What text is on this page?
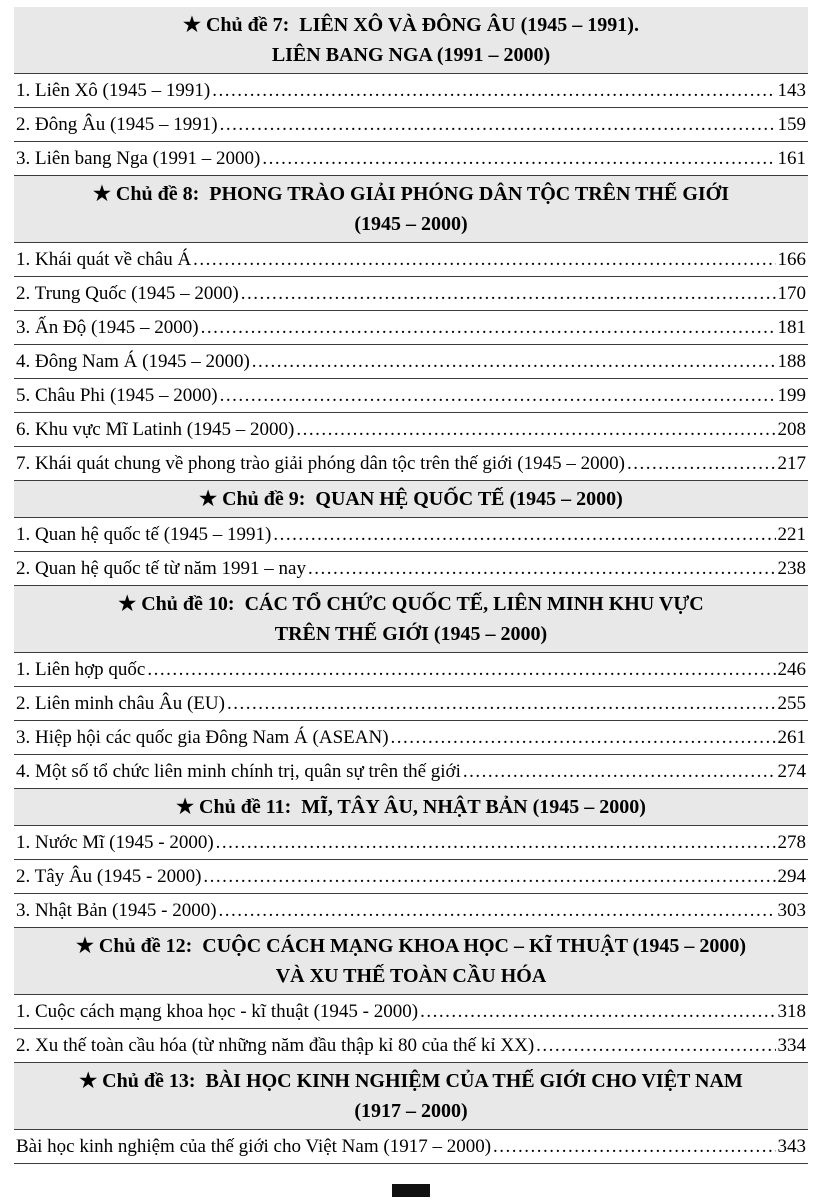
★ Chủ đề 7:  LIÊN XÔ VÀ ĐÔNG ÂU (1945 – 1991).
LIÊN BANG NGA (1991 – 2000)
1. Liên Xô (1945 – 1991) .....	143
2. Đông Âu (1945 – 1991) .....	159
3. Liên bang Nga (1991 – 2000) .....	161
★ Chủ đề 8:  PHONG TRÀO GIẢI PHÓNG DÂN TỘC TRÊN THẾ GIỚI
(1945 – 2000)
1. Khái quát về châu Á .....	166
2. Trung Quốc (1945 – 2000) .....	170
3. Ấn Độ (1945 – 2000) .....	181
4. Đông Nam Á (1945 – 2000) .....	188
5. Châu Phi (1945 – 2000) .....	199
6. Khu vực Mĩ Latinh (1945 – 2000) .....	208
7. Khái quát chung về phong trào giải phóng dân tộc trên thế giới (1945 – 2000) .....	217
★ Chủ đề 9:  QUAN HỆ QUỐC TẾ (1945 – 2000)
1. Quan hệ quốc tế (1945 – 1991) .....	221
2. Quan hệ quốc tế từ năm 1991 – nay .....	238
★ Chủ đề 10:  CÁC TỔ CHỨC QUỐC TẾ, LIÊN MINH KHU VỰC
TRÊN THẾ GIỚI (1945 – 2000)
1. Liên hợp quốc .....	246
2. Liên minh châu Âu (EU) .....	255
3. Hiệp hội các quốc gia Đông Nam Á (ASEAN) .....	261
4. Một số tổ chức liên minh chính trị, quân sự trên thế giới .....	274
★ Chủ đề 11:  MĨ, TÂY ÂU, NHẬT BẢN (1945 – 2000)
1. Nước Mĩ (1945 - 2000) .....	278
2. Tây Âu (1945 - 2000) .....	294
3. Nhật Bản (1945 - 2000) .....	303
★ Chủ đề 12:  CUỘC CÁCH MẠNG KHOA HỌC – KĨ THUẬT (1945 – 2000)
VÀ XU THẾ TOÀN CẦU HÓA
1. Cuộc cách mạng khoa học - kĩ thuật (1945 - 2000) .....	318
2. Xu thế toàn cầu hóa (từ những năm đầu thập kỉ 80 của thế kỉ XX) .....	334
★ Chủ đề 13:  BÀI HỌC KINH NGHIỆM CỦA THẾ GIỚI CHO VIỆT NAM
(1917 – 2000)
Bài học kinh nghiệm của thế giới cho Việt Nam (1917 – 2000) .....	343
